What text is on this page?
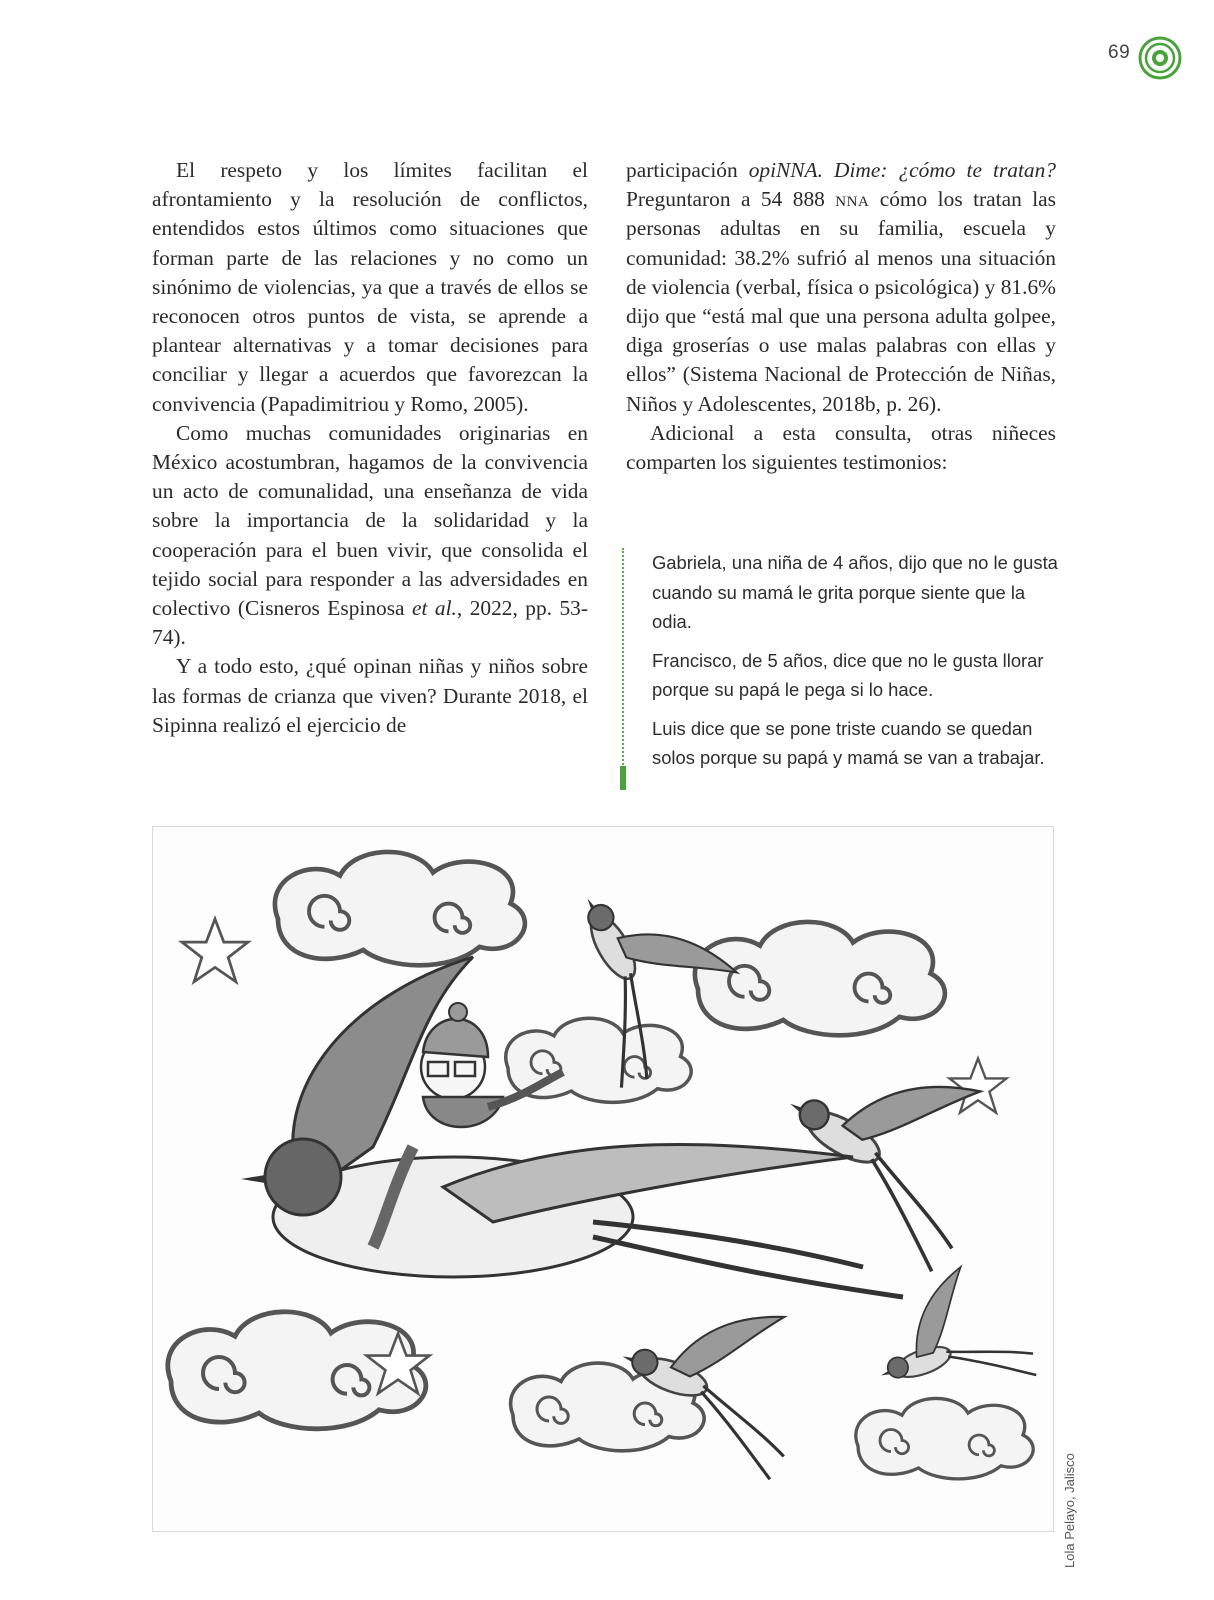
69

El respeto y los límites facilitan el afrontamiento y la resolución de conflictos, entendidos estos últimos como situaciones que forman parte de las relaciones y no como un sinónimo de violencias, ya que a través de ellos se reconocen otros puntos de vista, se aprende a plantear alternativas y a tomar decisiones para conciliar y llegar a acuerdos que favorezcan la convivencia (Papadimitriou y Romo, 2005).

Como muchas comunidades originarias en México acostumbran, hagamos de la convivencia un acto de comunalidad, una enseñanza de vida sobre la importancia de la solidaridad y la cooperación para el buen vivir, que consolida el tejido social para responder a las adversidades en colectivo (Cisneros Espinosa et al., 2022, pp. 53-74).

Y a todo esto, ¿qué opinan niñas y niños sobre las formas de crianza que viven? Durante 2018, el Sipinna realizó el ejercicio de

participación opiNNA. Dime: ¿cómo te tratan? Preguntaron a 54 888 nna cómo los tratan las personas adultas en su familia, escuela y comunidad: 38.2% sufrió al menos una situación de violencia (verbal, física o psicológica) y 81.6% dijo que “está mal que una persona adulta golpee, diga groserías o use malas palabras con ellas y ellos” (Sistema Nacional de Protección de Niñas, Niños y Adolescentes, 2018b, p. 26).

Adicional a esta consulta, otras niñeces comparten los siguientes testimonios:

Gabriela, una niña de 4 años, dijo que no le gusta cuando su mamá le grita porque siente que la odia.

Francisco, de 5 años, dice que no le gusta llorar porque su papá le pega si lo hace.

Luis dice que se pone triste cuando se quedan solos porque su papá y mamá se van a trabajar.

Lola Pelayo, Jalisco
